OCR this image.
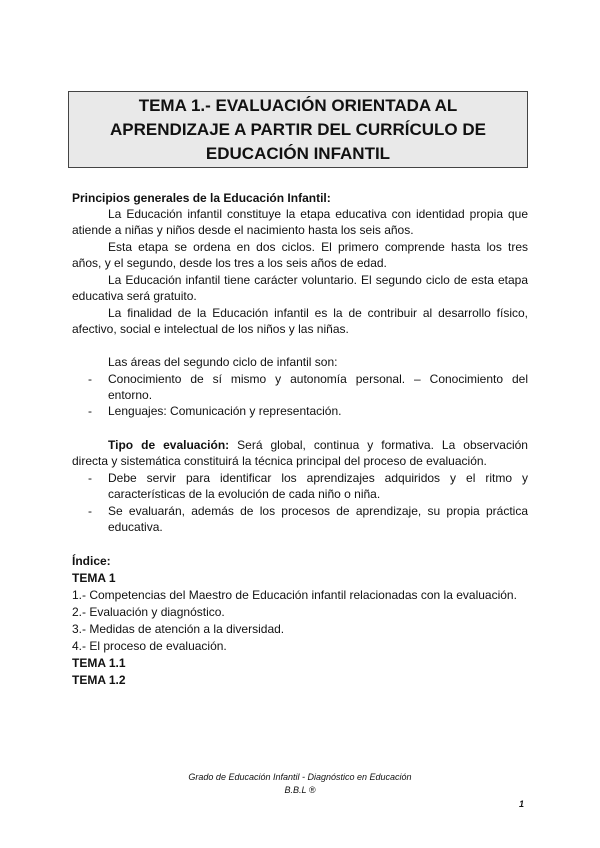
TEMA 1.- EVALUACIÓN ORIENTADA AL
APRENDIZAJE A PARTIR DEL CURRÍCULO DE
EDUCACIÓN INFANTIL
Principios generales de la Educación Infantil:
La Educación infantil constituye la etapa educativa con identidad propia que
atiende a niñas y niños desde el nacimiento hasta los seis años.
Esta etapa se ordena en dos ciclos. El primero comprende hasta los tres
años, y el segundo, desde los tres a los seis años de edad.
La Educación infantil tiene carácter voluntario. El segundo ciclo de esta etapa
educativa será gratuito.
La finalidad de la Educación infantil es la de contribuir al desarrollo físico,
afectivo, social e intelectual de los niños y las niñas.
Las áreas del segundo ciclo de infantil son:
- Conocimiento de sí mismo y autonomía personal. – Conocimiento del
entorno.
- Lenguajes: Comunicación y representación.
Tipo de evaluación: Será global, continua y formativa. La observación
directa y sistemática constituirá la técnica principal del proceso de evaluación.
- Debe servir para identificar los aprendizajes adquiridos y el ritmo y
características de la evolución de cada niño o niña.
- Se evaluarán, además de los procesos de aprendizaje, su propia práctica
educativa.
Índice:
TEMA 1
1.- Competencias del Maestro de Educación infantil relacionadas con la evaluación.
2.- Evaluación y diagnóstico.
3.- Medidas de atención a la diversidad.
4.- El proceso de evaluación.
TEMA 1.1
TEMA 1.2
Grado de Educación Infantil - Diagnóstico en Educación
B.B.L ®
1
